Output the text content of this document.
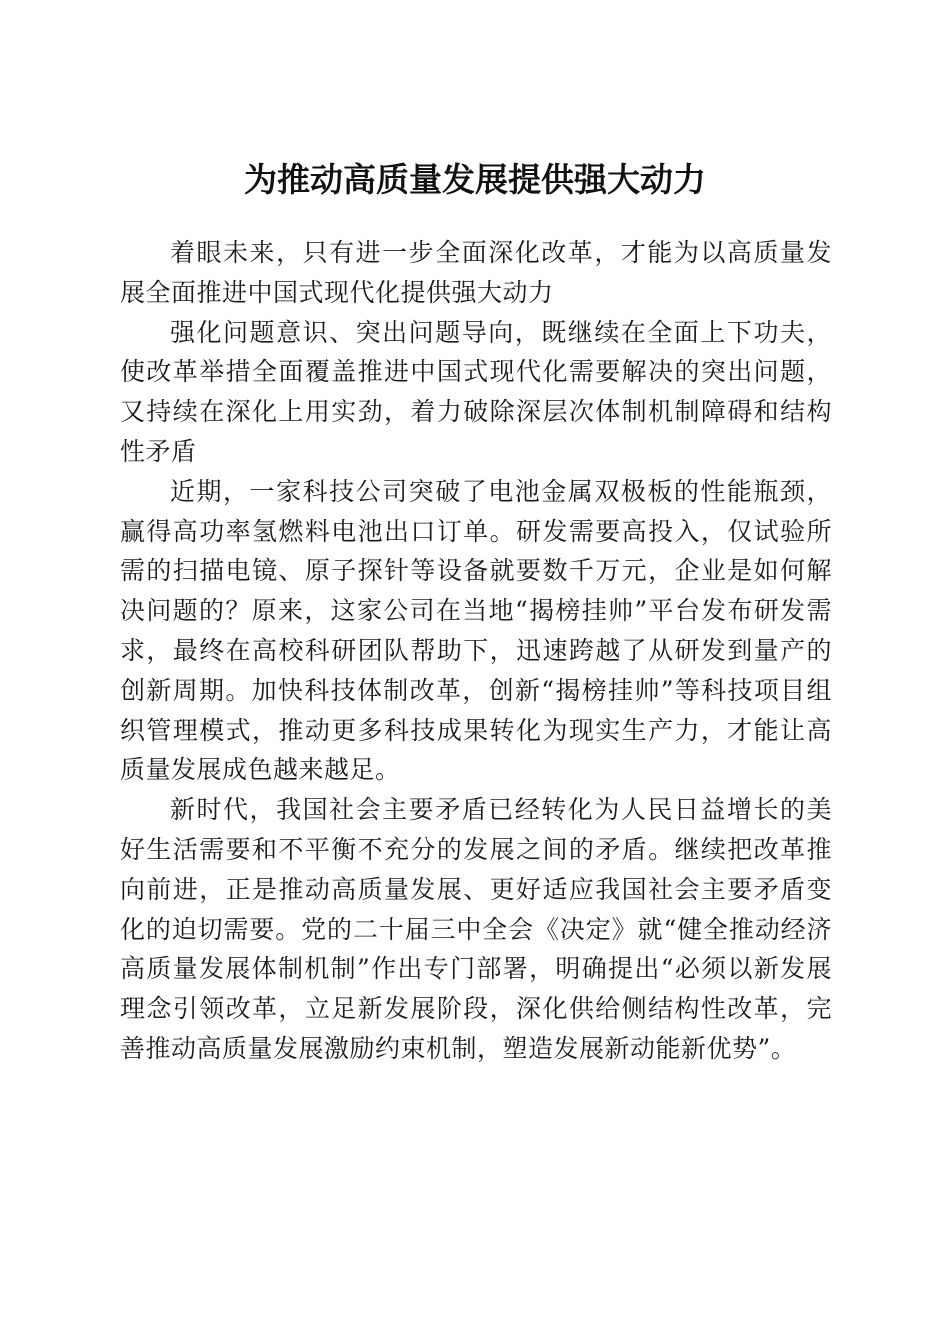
为推动高质量发展提供强大动力

着眼未来，只有进一步全面深化改革，才能为以高质量发展全面推进中国式现代化提供强大动力

强化问题意识、突出问题导向，既继续在全面上下功夫，使改革举措全面覆盖推进中国式现代化需要解决的突出问题，又持续在深化上用实劲，着力破除深层次体制机制障碍和结构性矛盾

近期，一家科技公司突破了电池金属双极板的性能瓶颈，赢得高功率氢燃料电池出口订单。研发需要高投入，仅试验所需的扫描电镜、原子探针等设备就要数千万元，企业是如何解决问题的？原来，这家公司在当地“揭榜挂帅”平台发布研发需求，最终在高校科研团队帮助下，迅速跨越了从研发到量产的创新周期。加快科技体制改革，创新“揭榜挂帅”等科技项目组织管理模式，推动更多科技成果转化为现实生产力，才能让高质量发展成色越来越足。

新时代，我国社会主要矛盾已经转化为人民日益增长的美好生活需要和不平衡不充分的发展之间的矛盾。继续把改革推向前进，正是推动高质量发展、更好适应我国社会主要矛盾变化的迫切需要。党的二十届三中全会《决定》就“健全推动经济高质量发展体制机制”作出专门部署，明确提出“必须以新发展理念引领改革，立足新发展阶段，深化供给侧结构性改革，完善推动高质量发展激励约束机制，塑造发展新动能新优势”。
